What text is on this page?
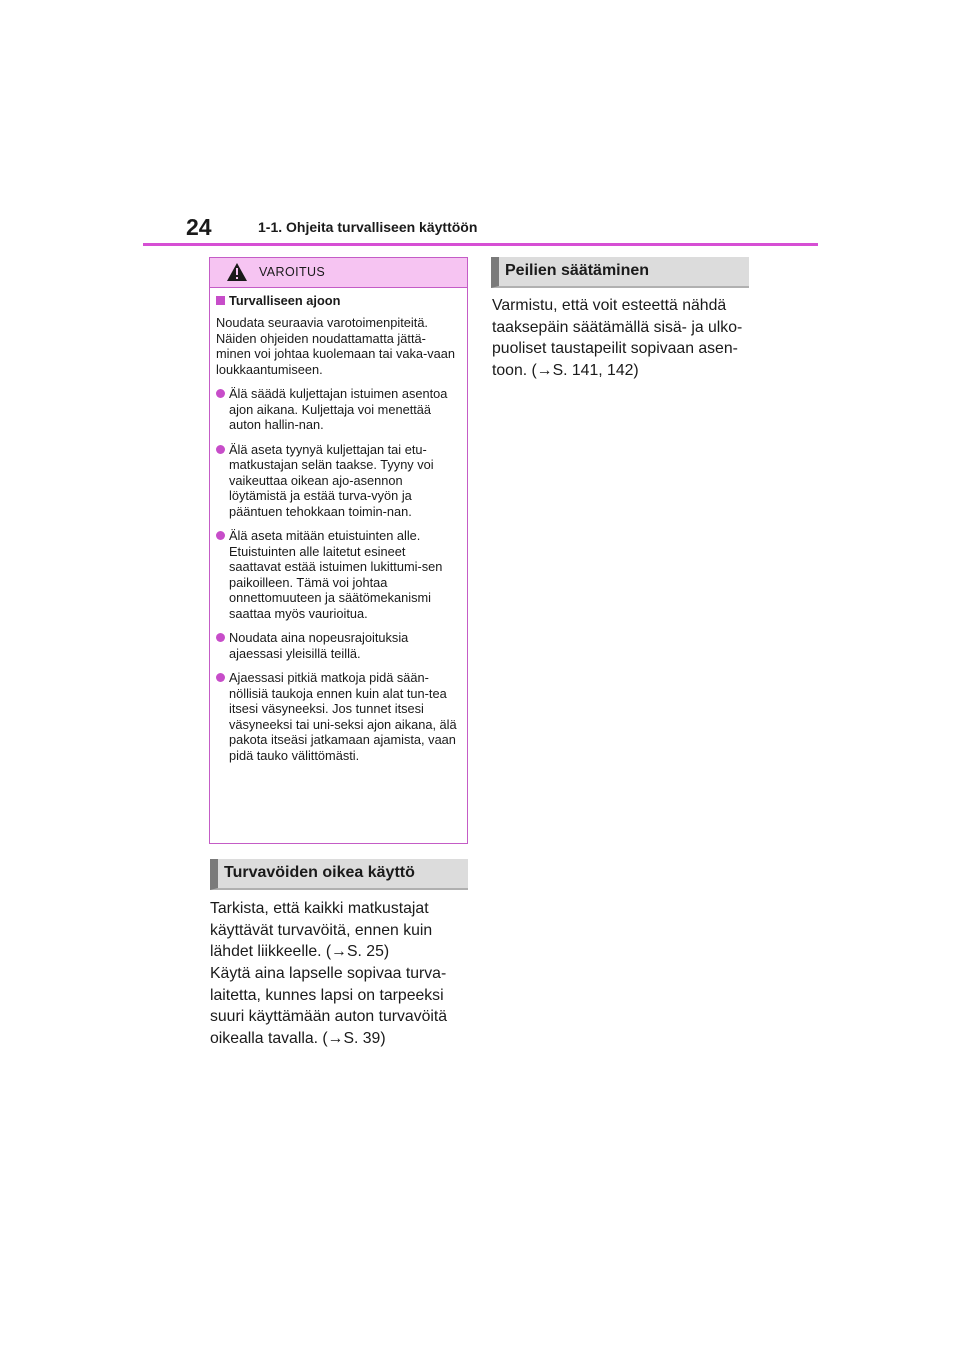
24	1-1. Ohjeita turvalliseen käyttöön
VAROITUS
Turvalliseen ajoon
Noudata seuraavia varotoimenpiteitä. Näiden ohjeiden noudattamatta jättä-minen voi johtaa kuolemaan tai vaka-vaan loukkaantumiseen.
Älä säädä kuljettajan istuimen asentoa ajon aikana. Kuljettaja voi menettää auton hallin-nan.
Älä aseta tyynyä kuljettajan tai etu-matkustajan selän taakse. Tyyny voi vaikeuttaa oikean ajo-asennon löytämistä ja estää turva-vyön ja pääntuen tehokkaan toimin-nan.
Älä aseta mitään etuistuinten alle. Etuistuinten alle laitetut esineet saattavat estää istuimen lukittumi-sen paikoilleen. Tämä voi johtaa onnettomuuteen ja säätömekanismi saattaa myös vaurioitua.
Noudata aina nopeusrajoituksia ajaessasi yleisillä teillä.
Ajaessasi pitkiä matkoja pidä sään-nöllisiä taukoja ennen kuin alat tun-tea itsesi väsyneeksi. Jos tunnet itsesi väsyneeksi tai uni-seksi ajon aikana, älä pakota itseäsi jatkamaan ajamista, vaan pidä tauko välittömästi.
Turvavöiden oikea käyttö
Tarkista, että kaikki matkustajat käyttävät turvavöitä, ennen kuin lähdet liikkeelle. (→S. 25)
Käytä aina lapselle sopivaa turva-laitetta, kunnes lapsi on tarpeeksi suuri käyttämään auton turvavöitä oikealla tavalla. (→S. 39)
Peilien säätäminen
Varmistu, että voit esteettä nähdä taaksepäin säätämällä sisä- ja ulko-puoliset taustapeilit sopivaan asen-toon. (→S. 141, 142)
